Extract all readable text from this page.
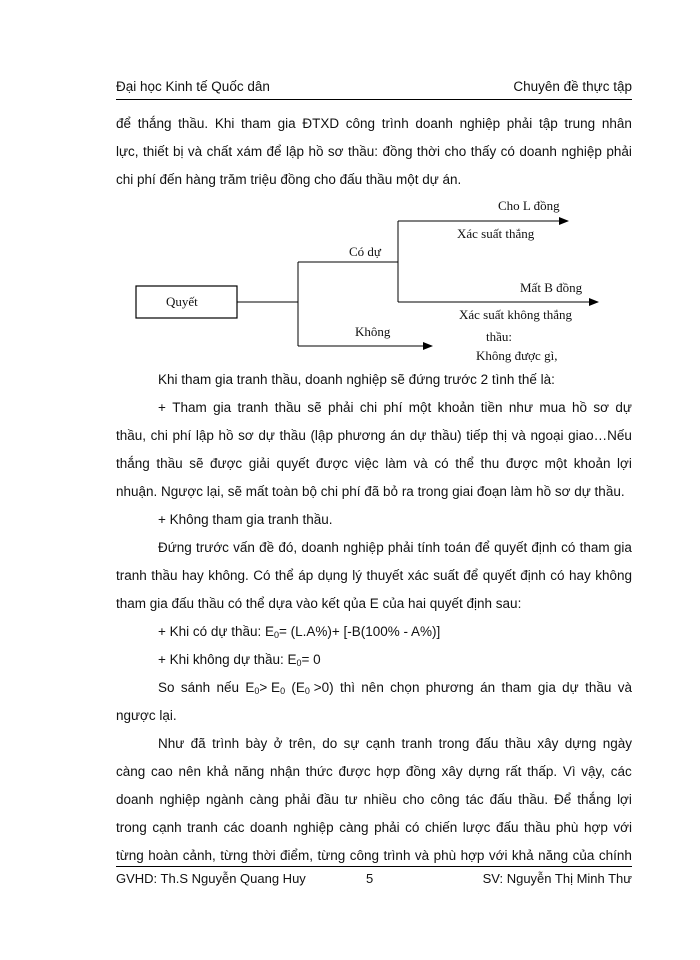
Đại học Kinh tế Quốc dân	Chuyên đề thực tập
để thắng thầu. Khi tham gia ĐTXD công trình doanh nghiệp phải tập trung nhân
lực, thiết bị và chất xám để lập hồ sơ thầu: đồng thời cho thấy có doanh nghiệp phải
chi phí đến hàng trăm triệu đồng cho đấu thầu một dự án.
Quyết
Có dự
Không
Cho L đồng
Xác suất thắng
Mất B đồng
Xác suất không thắng
thầu:
Không được gì,
Khi tham gia tranh thầu, doanh nghiệp sẽ đứng trước 2 tình thế là:
+ Tham gia tranh thầu sẽ phải chi phí một khoản tiền như mua hồ sơ dự
thầu, chi phí lập hồ sơ dự thầu (lập phương án dự thầu) tiếp thị và ngoại giao…Nếu
thắng thầu sẽ được giải quyết được việc làm và có thể thu được một khoản lợi
nhuận. Ngược lại, sẽ mất toàn bộ chi phí đã bỏ ra trong giai đoạn làm hồ sơ dự thầu.
+ Không tham gia tranh thầu.
Đứng trước vấn đề đó, doanh nghiệp phải tính toán để quyết định có tham gia
tranh thầu hay không. Có thể áp dụng lý thuyết xác suất để quyết định có hay không
tham gia đấu thầu có thể dựa vào kết qủa E của hai quyết định sau:
+ Khi có dự thầu: $E_0= (L.A\%)+ [-B(100\% - A\%)]$
+ Khi không dự thầu: $E_0= 0$
So sánh nếu $E_0> E_0$ $(E_0 >0)$ thì nên chọn phương án tham gia dự thầu và
ngược lại.
Như đã trình bày ở trên, do sự cạnh tranh trong đấu thầu xây dựng ngày
càng cao nên khả năng nhận thức được hợp đồng xây dựng rất thấp. Vì vậy, các
doanh nghiệp ngành càng phải đầu tư nhiều cho công tác đấu thầu. Để thắng lợi
trong cạnh tranh các doanh nghiệp càng phải có chiến lược đấu thầu phù hợp với
từng hoàn cảnh, từng thời điểm, từng công trình và phù hợp với khả năng của chính
GVHD: Th.S Nguyễn Quang Huy	5	SV: Nguyễn Thị Minh Thư
